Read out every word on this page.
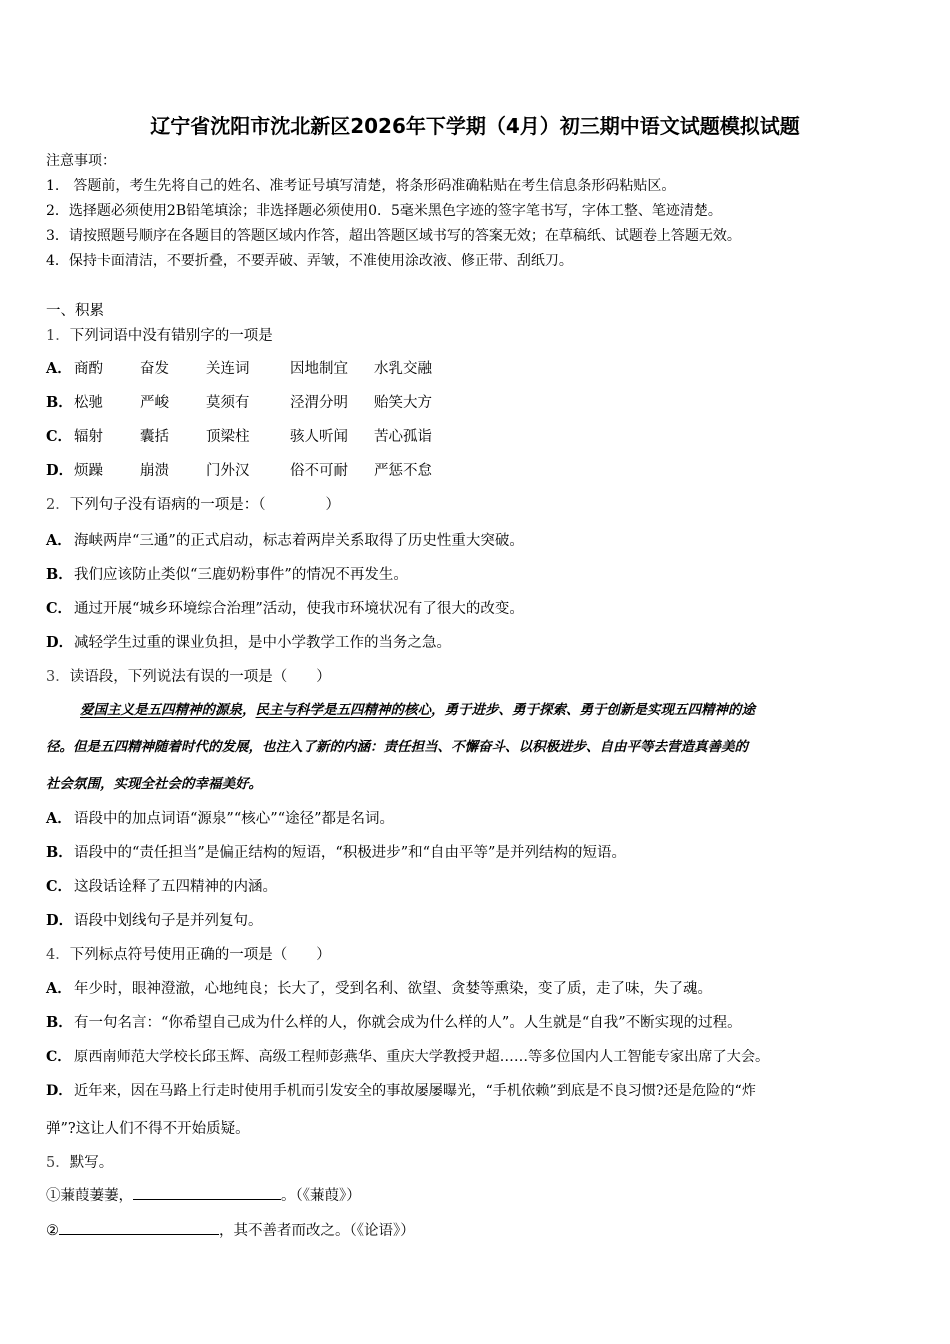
辽宁省沈阳市沈北新区2026年下学期（4月）初三期中语文试题模拟试题
注意事项：
1.　答题前，考生先将自己的姓名、准考证号填写清楚，将条形码准确粘贴在考生信息条形码粘贴区。
2．选择题必须使用2B铅笔填涂；非选择题必须使用0．5毫米黑色字迹的签字笔书写，字体工整、笔迹清楚。
3．请按照题号顺序在各题目的答题区域内作答，超出答题区域书写的答案无效；在草稿纸、试题卷上答题无效。
4．保持卡面清洁，不要折叠，不要弄破、弄皱，不准使用涂改液、修正带、刮纸刀。
一、积累
1．下列词语中没有错别字的一项是
A． 商酌	奋发	关连词	因地制宜 水乳交融
B．松驰	严峻	莫须有	泾渭分明 贻笑大方
C． 辐射	囊括	顶梁柱	骇人听闻 苦心孤诣
D．烦躁	崩溃	门外汉	俗不可耐 严惩不怠
2．下列句子没有语病的一项是：（	）
A． 海峡两岸“三通”的正式启动，标志着两岸关系取得了历史性重大突破。
B．我们应该防止类似“三鹿奶粉事件”的情况不再发生。
C． 通过开展“城乡环境综合治理”活动，使我市环境状况有了很大的改变。
D．减轻学生过重的课业负担，是中小学教学工作的当务之急。
3．读语段，下列说法有误的一项是（　　）
爱国主义是五四精神的源泉，民主与科学是五四精神的核心，勇于进步、勇于探索、勇于创新是实现五四精神的途
径。但是五四精神随着时代的发展，也注入了新的内涵：责任担当、不懈奋斗、以积极进步、自由平等去营造真善美的
社会氛围，实现全社会的幸福美好。
A． 语段中的加点词语“源泉”“核心”“途径”都是名词。
B．语段中的“责任担当”是偏正结构的短语，“积极进步”和“自由平等”是并列结构的短语。
C． 这段话诠释了五四精神的内涵。
D．语段中划线句子是并列复句。
4．下列标点符号使用正确的一项是（　　）
A． 年少时，眼神澄澈，心地纯良；长大了，受到名利、欲望、贪婪等熏染，变了质，走了味，失了魂。
B．有一句名言：“你希望自己成为什么样的人，你就会成为什么样的人”。人生就是“自我”不断实现的过程。
C． 原西南师范大学校长邱玉辉、高级工程师彭燕华、重庆大学教授尹超……等多位国内人工智能专家出席了大会。
D． 近年来，因在马路上行走时使用手机而引发安全的事故屡屡曝光，“手机依赖”到底是不良习惯?还是危险的“炸
弹”?这让人们不得不开始质疑。
5．默写。
①蒹葭萋萋，	。（《蒹葭》）
②	，其不善者而改之。（《论语》）
